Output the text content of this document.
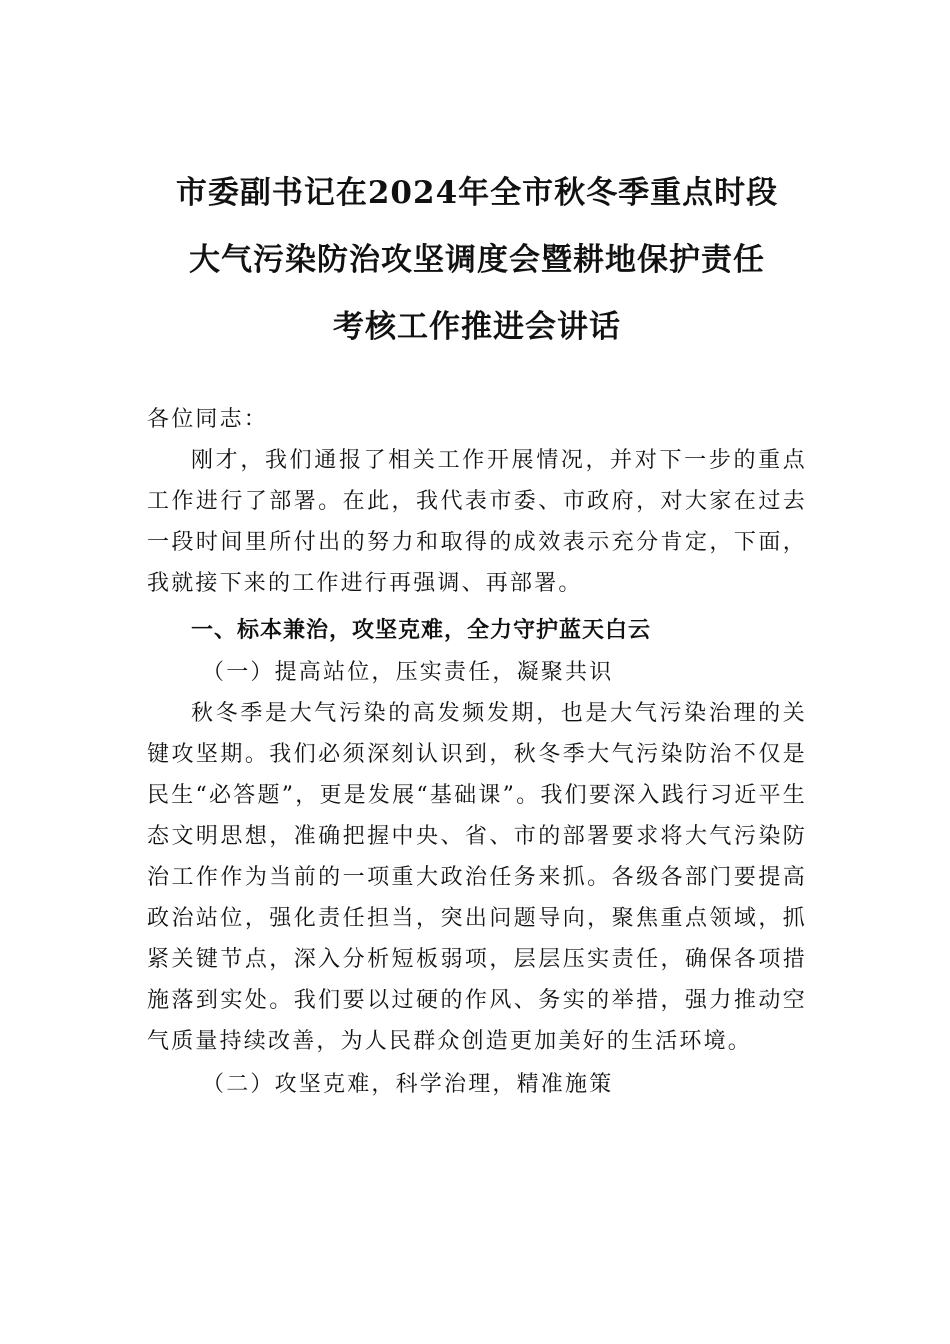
市委副书记在2024年全市秋冬季重点时段
大气污染防治攻坚调度会暨耕地保护责任
考核工作推进会讲话

各位同志：

刚才，我们通报了相关工作开展情况，并对下一步的重点工作进行了部署。在此，我代表市委、市政府，对大家在过去一段时间里所付出的努力和取得的成效表示充分肯定，下面，我就接下来的工作进行再强调、再部署。

一、标本兼治，攻坚克难，全力守护蓝天白云

（一）提高站位，压实责任，凝聚共识

秋冬季是大气污染的高发频发期，也是大气污染治理的关键攻坚期。我们必须深刻认识到，秋冬季大气污染防治不仅是民生“必答题”，更是发展“基础课”。我们要深入践行习近平生态文明思想，准确把握中央、省、市的部署要求将大气污染防治工作作为当前的一项重大政治任务来抓。各级各部门要提高政治站位，强化责任担当，突出问题导向，聚焦重点领域，抓紧关键节点，深入分析短板弱项，层层压实责任，确保各项措施落到实处。我们要以过硬的作风、务实的举措，强力推动空气质量持续改善，为人民群众创造更加美好的生活环境。

（二）攻坚克难，科学治理，精准施策
